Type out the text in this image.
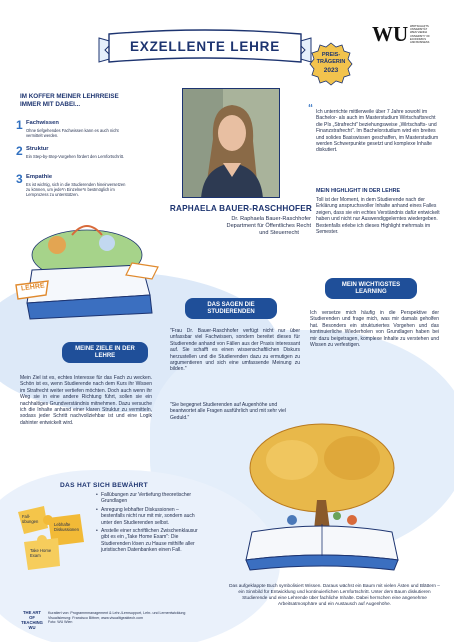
EXZELLENTE LEHRE
PREIS-
TRÄGERIN
2023
WU WIRTSCHAFTS
UNIVERSITÄT
WIEN VIENNA
UNIVERSITY OF
ECONOMICS
AND BUSINESS
IM KOFFER MEINER LEHRREISE
IMMER MIT DABEI...
1 Fachwissen
Ohne tiefgehendes Fachwissen kann es auch nicht vermittelt werden.
2 Struktur
Ein Step-by-Step-Vorgehen fördert den Lernfortschritt.
3 Empathie
Es ist wichtig, sich in die Studierenden hineinversetzen zu können, um jede*n Einzelne*n bestmöglich im Lernprozess zu unterstützen.
LEHRE
RAPHAELA BAUER-RASCHHOFER
Dr. Raphaela Bauer-Raschhofer
Department für Öffentliches Recht
und Steuerrecht
“ Ich unterrichte mittlerweile über 7 Jahre sowohl im Bachelor- als auch im Masterstudium Wirtschaftsrecht die PIs „Strafrecht" beziehungsweise „Wirtschafts- und Finanzstrafrecht". Im Bachelorstudium wird ein breites und solides Basiswissen geschaffen, im Masterstudium werden Schwerpunkte gesetzt und komplexe Inhalte diskutiert.
MEIN HIGHLIGHT IN DER LEHRE
Toll ist der Moment, in dem Studierende nach der Erklärung anspruchsvoller Inhalte anhand eines Falles zeigen, dass sie ein echtes Verständnis dafür entwickelt haben und nicht nur Auswendiggelerntes wiedergeben. Bestenfalls erlebe ich dieses Highlight mehrmals im Semester.
DAS SAGEN DIE STUDIERENDEN
"Frau Dr. Bauer-Raschhofer verfügt nicht nur über unfassbar viel Fachwissen, sondern bereitet dieses für Studierende anhand von Fällen aus der Praxis interessant auf. Sie schafft es einen wissenschaftlichen Diskurs herzustellen und die Studierenden dazu zu ermutigen zu argumentieren und sich eine umfassende Meinung zu bilden."
"Sie begegnet Studierenden auf Augenhöhe und beantwortet alle Fragen ausführlich und mit sehr viel Geduld."
MEIN WICHTIGSTES LEARNING
Ich versetze mich häufig in die Perspektive der Studierenden und frage mich, was mir damals geholfen hat. Besonders ein strukturiertes Vorgehen und das kontinuierliche Wiederholen von Grundlagen haben bei mir dazu beigetragen, komplexe Inhalte zu verstehen und Wissen zu verfestigen.
MEINE ZIELE IN DER LEHRE
Mein Ziel ist es, echtes Interesse für das Fach zu wecken. Schön ist es, wenn Studierende nach dem Kurs ihr Wissen im Strafrecht weiter vertiefen möchten. Doch auch wenn ihr Weg sie in eine andere Richtung führt, sollen sie ein nachhaltiges Grundverständnis mitnehmen. Dazu versuche ich die Inhalte anhand einer klaren Struktur zu vermitteln, sodass jeder Schritt nachvollziehbar ist und eine Logik dahinter entwickelt wird.
DAS HAT SICH BEWÄHRT
Fall-übungen
Lebhafte Diskussionen
Take Home Exam
• Fallübungen zur Vertiefung theoretischer Grundlagen
• Anregung lebhafter Diskussionen – bestenfalls nicht nur mit mir, sondern auch unter den Studierenden selbst.
• Anstelle einer schriftlichen Zwischenklausur gibt es ein „Take Home Exam": Die Studierenden lösen zu Hause mithilfe aller juristischen Datenbanken einen Fall.
Das aufgeklappte Buch symbolisiert Wissen. Daraus wächst ein Baum mit vielen Ästen und Blättern – ein Sinnbild für Entwicklung und kontinuierlichen Lernfortschritt. Unter dem Baum diskutieren Studierende und eine Lehrende über fachliche Inhalte. Dabei herrschen eine angenehme Arbeitsatmosphäre und ein Austausch auf Augenhöhe.
THE ART
OF TEACHING
WU
Kuratiert von: Programmmanagement & Lehr-/Lernsupport, Lehr- und Lernentwicklung
Visualisierung: Francisco Bittner, www.visualitgeaktech.com
Foto: WU Wien
